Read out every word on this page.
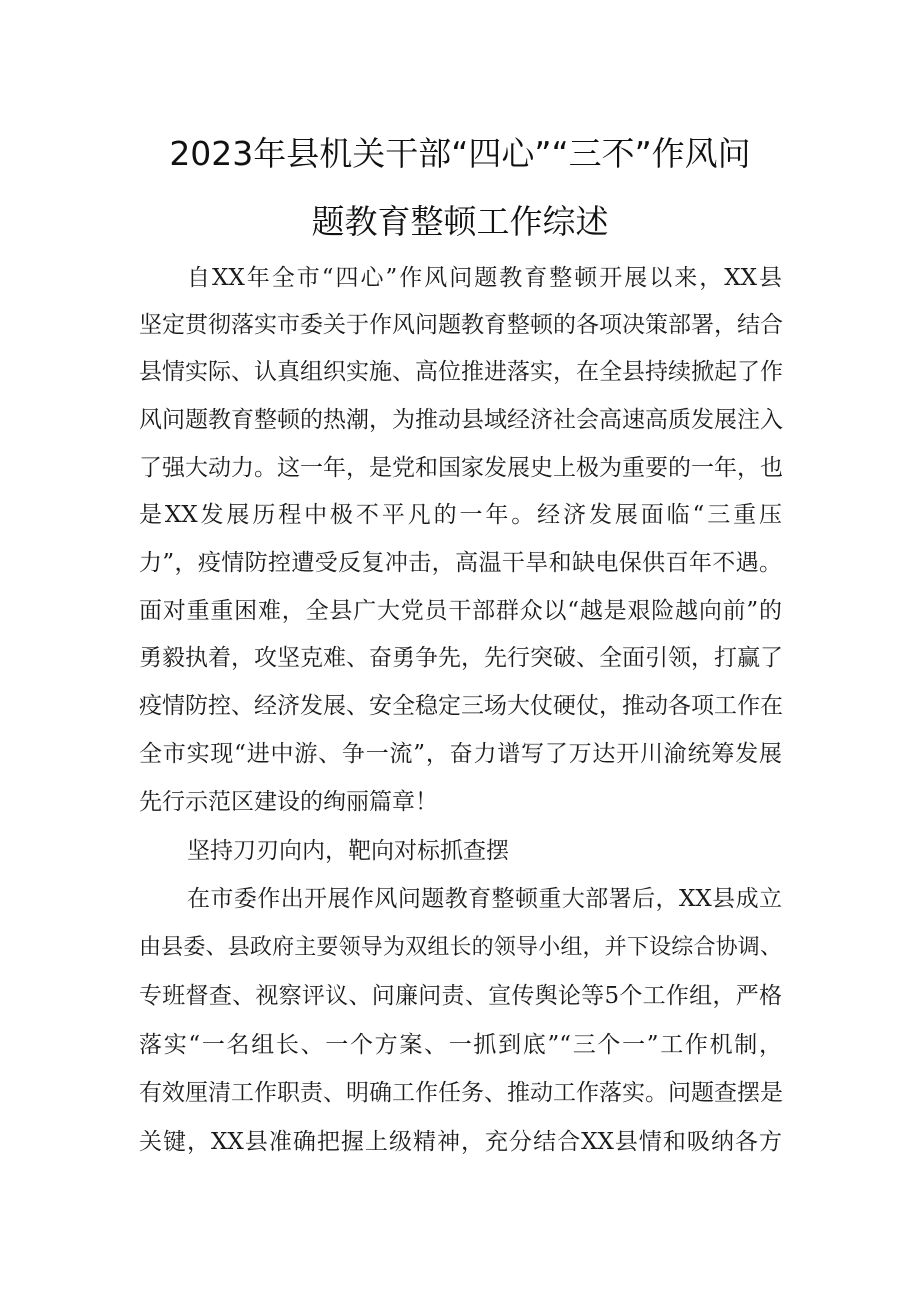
2023年县机关干部“四心”“三不”作风问
题教育整顿工作综述
自XX年全市“四心”作风问题教育整顿开展以来，XX县
坚定贯彻落实市委关于作风问题教育整顿的各项决策部署，结合
县情实际、认真组织实施、高位推进落实，在全县持续掀起了作
风问题教育整顿的热潮，为推动县域经济社会高速高质发展注入
了强大动力。这一年，是党和国家发展史上极为重要的一年，也
是XX发展历程中极不平凡的一年。经济发展面临“三重压
力”，疫情防控遭受反复冲击，高温干旱和缺电保供百年不遇。
面对重重困难，全县广大党员干部群众以“越是艰险越向前”的
勇毅执着，攻坚克难、奋勇争先，先行突破、全面引领，打赢了
疫情防控、经济发展、安全稳定三场大仗硬仗，推动各项工作在
全市实现“进中游、争一流”，奋力谱写了万达开川渝统筹发展
先行示范区建设的绚丽篇章！
坚持刀刃向内，靶向对标抓查摆
在市委作出开展作风问题教育整顿重大部署后，XX县成立
由县委、县政府主要领导为双组长的领导小组，并下设综合协调、
专班督查、视察评议、问廉问责、宣传舆论等5个工作组，严格
落实“一名组长、一个方案、一抓到底”“三个一”工作机制，
有效厘清工作职责、明确工作任务、推动工作落实。问题查摆是
关键，XX县准确把握上级精神，充分结合XX县情和吸纳各方
